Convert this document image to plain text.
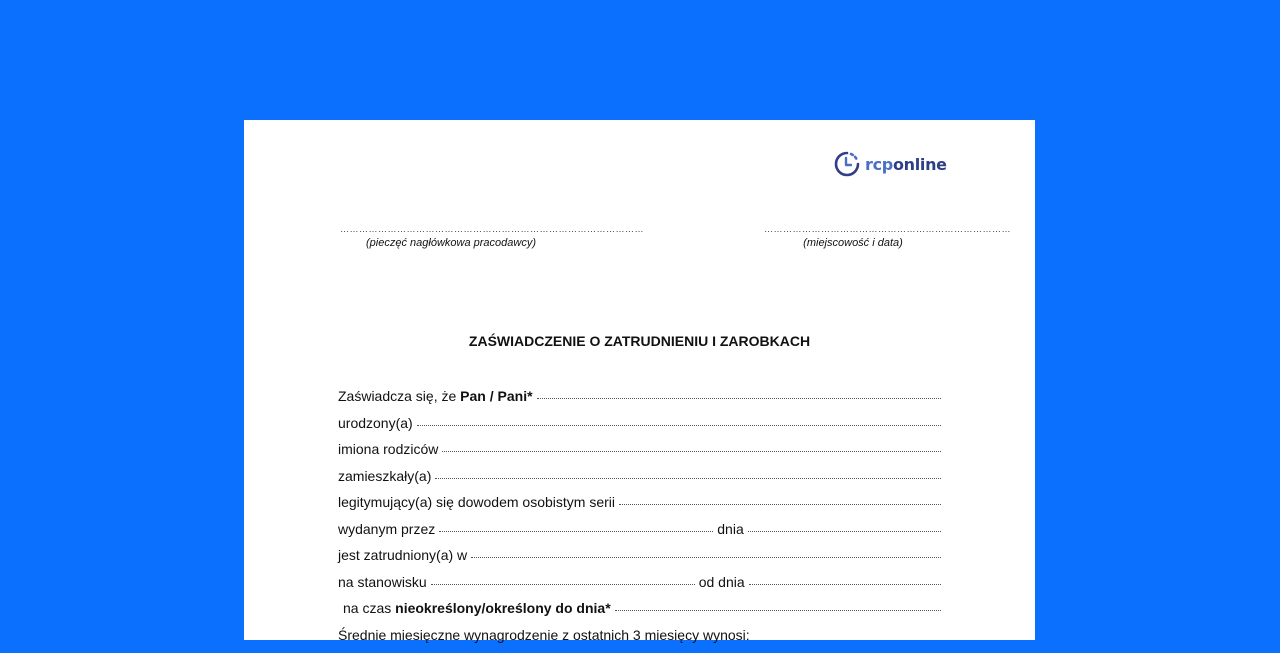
rcponline
……………………………………………………………………………………
(pieczęć nagłówkowa pracodawcy)
……………………………………………………………………
(miejscowość i data)
ZAŚWIADCZENIE O ZATRUDNIENIU I ZAROBKACH
Zaświadcza się, że
Pan / Pani*
urodzony(a)
imiona rodziców
zamieszkały(a)
legitymujący(a) się dowodem osobistym serii
wydanym przez	dnia
jest zatrudniony(a) w
na stanowisku	od dnia
na czas
nieokreślony/określony do dnia*
Średnie miesięczne wynagrodzenie z ostatnich 3 miesięcy wynosi:
